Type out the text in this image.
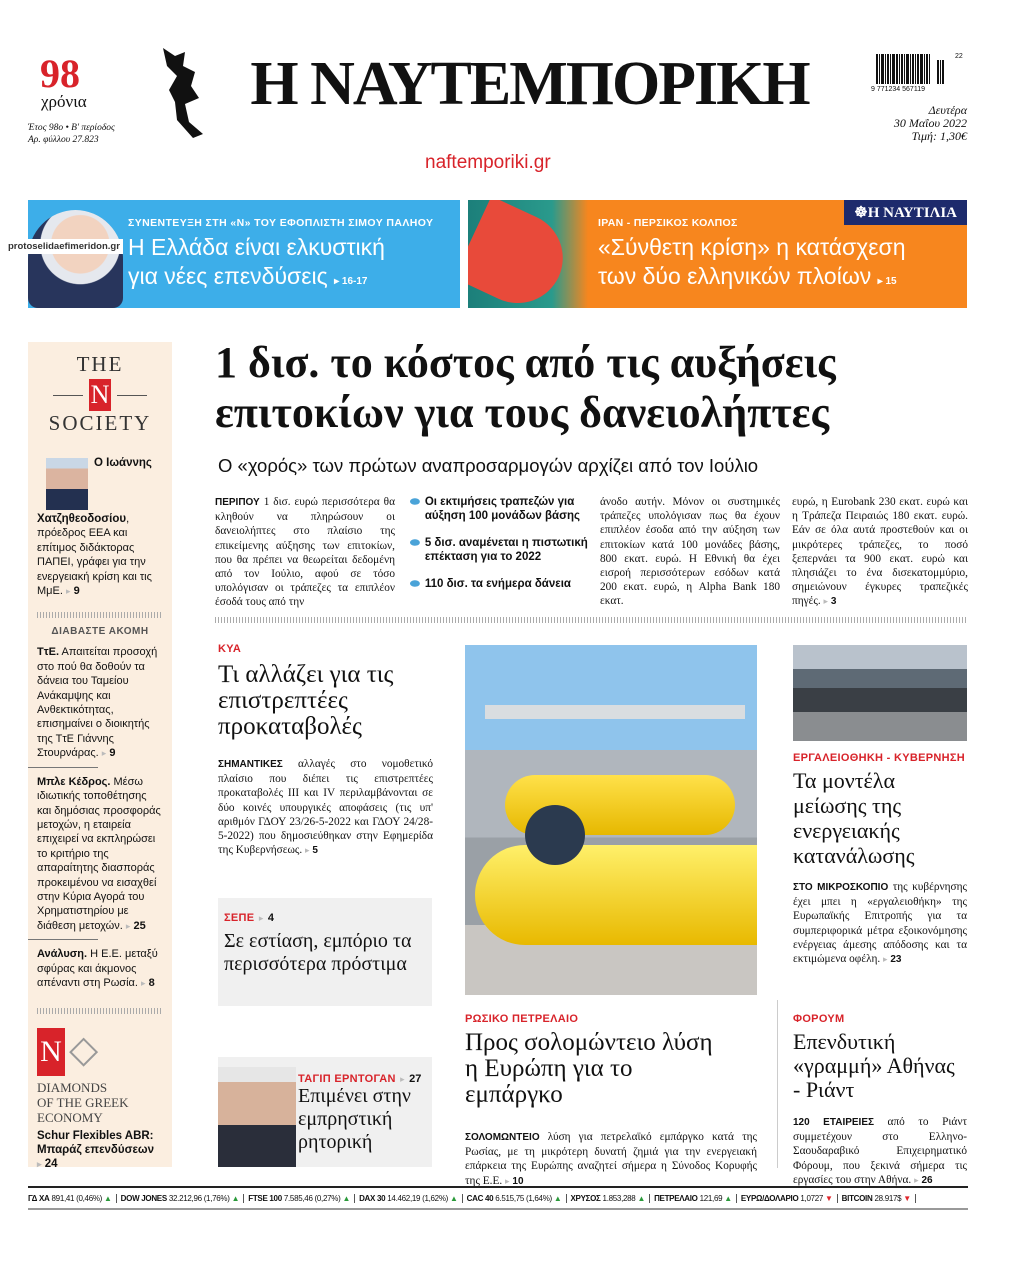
98
χρόνια
Έτος 98ο • Β' περίοδος
Αρ. φύλλου 27.823
Η ΝΑΥΤΕΜΠΟΡΙΚΗ
naftemporiki.gr
9 771234 567119
22
Δευτέρα
30 Μαΐου 2022
Τιμή: 1,30€
ΣΥΝΕΝΤΕΥΞΗ ΣΤΗ «Ν» ΤΟΥ ΕΦΟΠΛΙΣΤΗ ΣΙΜΟΥ ΠΑΛΗΟΥ
Η Ελλάδα είναι ελκυστική
για νέες επενδύσεις ▸ 16-17
protoselidaefimeridon.gr
☸Η ΝΑΥΤΙΛΙΑ
ΙΡΑΝ - ΠΕΡΣΙΚΟΣ ΚΟΛΠΟΣ
«Σύνθετη κρίση» η κατάσχεση
των δύο ελληνικών πλοίων ▸ 15
THE
N
SOCIETY
Ο Ιωάννης Χατζηθεοδοσίου, πρόεδρος ΕΕΑ και επίτιμος διδάκτορας ΠΑΠΕΙ, γράφει για την ενεργειακή κρίση και τις ΜμΕ. ▸ 9
ΔΙΑΒΑΣΤΕ ΑΚΟΜΗ
ΤτΕ. Απαιτείται προσοχή στο πού θα δοθούν τα δάνεια του Ταμείου Ανάκαμψης και Ανθεκτικότητας, επισημαίνει ο διοικητής της ΤτΕ Γιάννης Στουρνάρας. ▸ 9
Μπλε Κέδρος. Μέσω ιδιωτικής τοποθέτησης και δημόσιας προσφοράς μετοχών, η εταιρεία επιχειρεί να εκπληρώσει το κριτήριο της απαραίτητης διασποράς προκειμένου να εισαχθεί στην Κύρια Αγορά του Χρηματιστηρίου με διάθεση μετοχών. ▸ 25
Ανάλυση. Η Ε.Ε. μεταξύ σφύρας και άκμονος απέναντι στη Ρωσία. ▸ 8
N ◇
DIAMONDS
OF THE GREEK
ECONOMY
Schur Flexibles ABR: Μπαράζ επενδύσεων
▸ 24
1 δισ. το κόστος από τις αυξήσεις
επιτοκίων για τους δανειολήπτες
Ο «χορός» των πρώτων αναπροσαρμογών αρχίζει από τον Ιούλιο
ΠΕΡΙΠΟΥ 1 δισ. ευρώ περισσότερα θα κληθούν να πληρώσουν οι δανειολήπτες στο πλαίσιο της επικείμενης αύξησης των επιτοκίων, που θα πρέπει να θεωρείται δεδομένη από τον Ιούλιο, αφού σε τόσο υπολόγισαν οι τράπεζες τα επιπλέον έσοδά τους από την
⬬ Οι εκτιμήσεις τραπεζών για αύξηση 100 μονάδων βάσης
⬬ 5 δισ. αναμένεται η πιστωτική επέκταση για το 2022
⬬ 110 δισ. τα ενήμερα δάνεια
άνοδο αυτήν. Μόνον οι συστημικές τράπεζες υπολόγισαν πως θα έχουν επιπλέον έσοδα από την αύξηση των επιτοκίων κατά 100 μονάδες βάσης, 800 εκατ. ευρώ. Η Εθνική θα έχει εισροή περισσότερων εσόδων κατά 200 εκατ. ευρώ, η Alpha Bank 180 εκατ.
ευρώ, η Eurobank 230 εκατ. ευρώ και η Τράπεζα Πειραιώς 180 εκατ. ευρώ. Εάν σε όλα αυτά προστεθούν και οι μικρότερες τράπεζες, το ποσό ξεπερνάει τα 900 εκατ. ευρώ και πλησιάζει το ένα δισεκατομμύριο, σημειώνουν έγκυρες τραπεζικές πηγές. ▸ 3
ΚΥΑ
Τι αλλάζει για τις επιστρεπτέες προκαταβολές
ΣΗΜΑΝΤΙΚΕΣ αλλαγές στο νομοθετικό πλαίσιο που διέπει τις επιστρεπτέες προκαταβολές ΙΙΙ και IV περιλαμβάνονται σε δύο κοινές υπουργικές αποφάσεις (τις υπ' αριθμόν ΓΔΟΥ 23/26-5-2022 και ΓΔΟΥ 24/28-5-2022) που δημοσιεύθηκαν στην Εφημερίδα της Κυβερνήσεως. ▸ 5
ΣΕΠΕ ▸ 4
Σε εστίαση, εμπόριο τα περισσότερα πρόστιμα
ΤΑΓΙΠ ΕΡΝΤΟΓΑΝ ▸ 27
Επιμένει στην εμπρηστική ρητορική
ΡΩΣΙΚΟ ΠΕΤΡΕΛΑΙΟ
Προς σολομώντειο λύση η Ευρώπη για το εμπάργκο
ΣΟΛΟΜΩΝΤΕΙΟ λύση για πετρελαϊκό εμπάργκο κατά της Ρωσίας, με τη μικρότερη δυνατή ζημιά για την ενεργειακή επάρκεια της Ευρώπης αναζητεί σήμερα η Σύνοδος Κορυφής της Ε.Ε. ▸ 10
ΕΡΓΑΛΕΙΟΘΗΚΗ - ΚΥΒΕΡΝΗΣΗ
Τα μοντέλα μείωσης της ενεργειακής κατανάλωσης
ΣΤΟ ΜΙΚΡΟΣΚΟΠΙΟ της κυβέρνησης έχει μπει η «εργαλειοθήκη» της Ευρωπαϊκής Επιτροπής για τα συμπεριφορικά μέτρα εξοικονόμησης ενέργειας άμεσης απόδοσης και τα εκτιμώμενα οφέλη. ▸ 23
ΦΟΡΟΥΜ
Επενδυτική «γραμμή» Αθήνας - Ριάντ
120 ΕΤΑΙΡΕΙΕΣ από το Ριάντ συμμετέχουν στο Ελληνο-Σαουδαραβικό Επιχειρηματικό Φόρουμ, που ξεκινά σήμερα τις εργασίες του στην Αθήνα. ▸ 26
ΓΔ ΧΑ 891,41 (0,46%) ▲ DOW JONES 32.212,96 (1,76%) ▲ FTSE 100 7.585,46 (0,27%) ▲ DAX 30 14.462,19 (1,62%) ▲ CAC 40 6.515,75 (1,64%) ▲ ΧΡΥΣΟΣ 1.853,288 ▲ ΠΕΤΡΕΛΑΙΟ 121,69 ▲ ΕΥΡΩ/ΔΟΛΑΡΙΟ 1,0727 ▼ BITCOIN 28.917$ ▼
